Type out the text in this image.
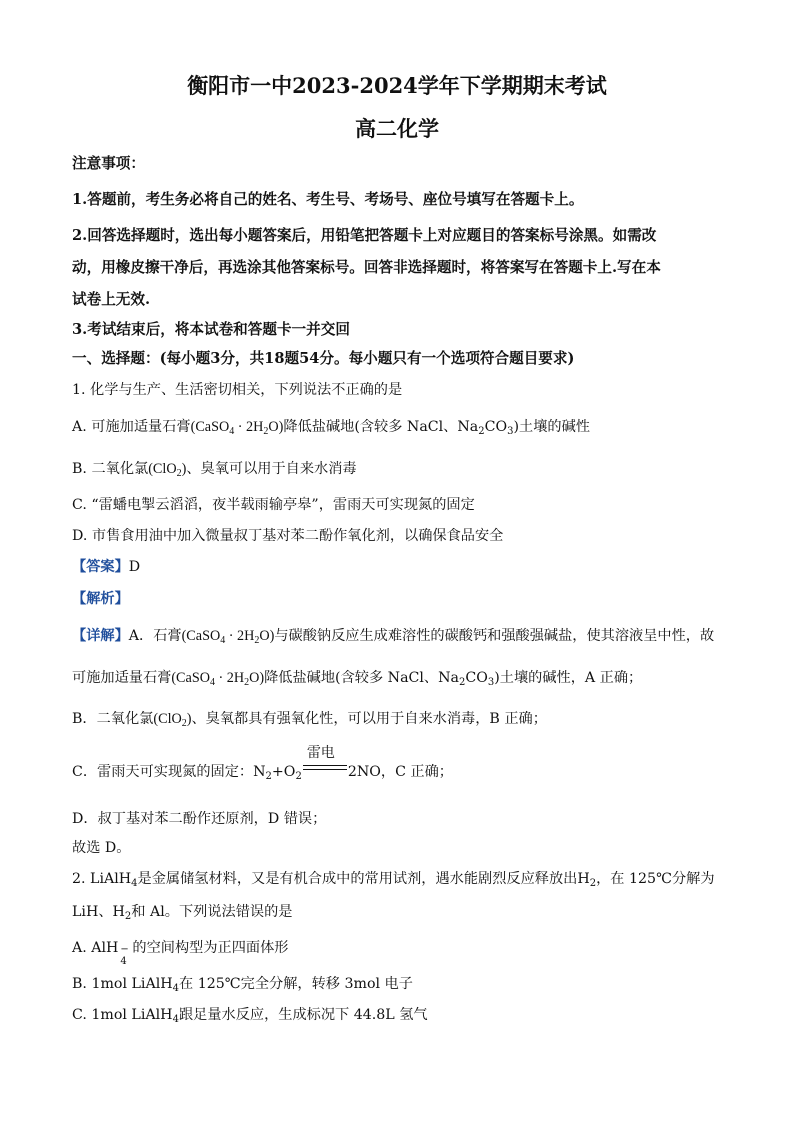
衡阳市一中2023-2024学年下学期期末考试
高二化学
注意事项：
1.答题前，考生务必将自己的姓名、考生号、考场号、座位号填写在答题卡上。
2.回答选择题时，选出每小题答案后，用铅笔把答题卡上对应题目的答案标号涂黑。如需改
动，用橡皮擦干净后，再选涂其他答案标号。回答非选择题时，将答案写在答题卡上.写在本
试卷上无效.
3.考试结束后，将本试卷和答题卡一并交回
一、选择题：(每小题3分，共18题54分。每小题只有一个选项符合题目要求)
1. 化学与生产、生活密切相关，下列说法不正确的是
A. 可施加适量石膏(CaSO$_4$ · $2H_2O$)降低盐碱地(含较多 NaCl、$Na_2CO_3$)土壤的碱性
B. 二氧化氯(ClO$_2$)、臭氧可以用于自来水消毒
C. “雷蟠电掣云滔滔，夜半载雨输亭皋”，雷雨天可实现氮的固定
D. 市售食用油中加入微量叔丁基对苯二酚作氧化剂，以确保食品安全
【答案】D
【解析】
【详解】A．石膏(CaSO$_4$ · $2H_2O$)与碳酸钠反应生成难溶性的碳酸钙和强酸强碱盐，使其溶液呈中性，故
可施加适量石膏(CaSO$_4$ · $2H_2O$)降低盐碱地(含较多 NaCl、$Na_2CO_3$)土壤的碱性，A 正确；
B．二氧化氯(ClO$_2$)、臭氧都具有强氧化性，可以用于自来水消毒，B 正确；
C．雷雨天可实现氮的固定：$N_2+O_2$
雷电
2NO，C 正确；
D．叔丁基对苯二酚作还原剂，D 错误；
故选 D。
2. LiAlH$_4$是金属储氢材料，又是有机合成中的常用试剂，遇水能剧烈反应释放出$H_2$，在 125℃分解为
LiH、$H_2$和 Al。下列说法错误的是
A. AlH −
4
的空间构型为正四面体形
B. 1mol LiAlH$_4$在 125℃完全分解，转移 3mol 电子
C. 1mol LiAlH$_4$跟足量水反应，生成标况下 44.8L 氢气
